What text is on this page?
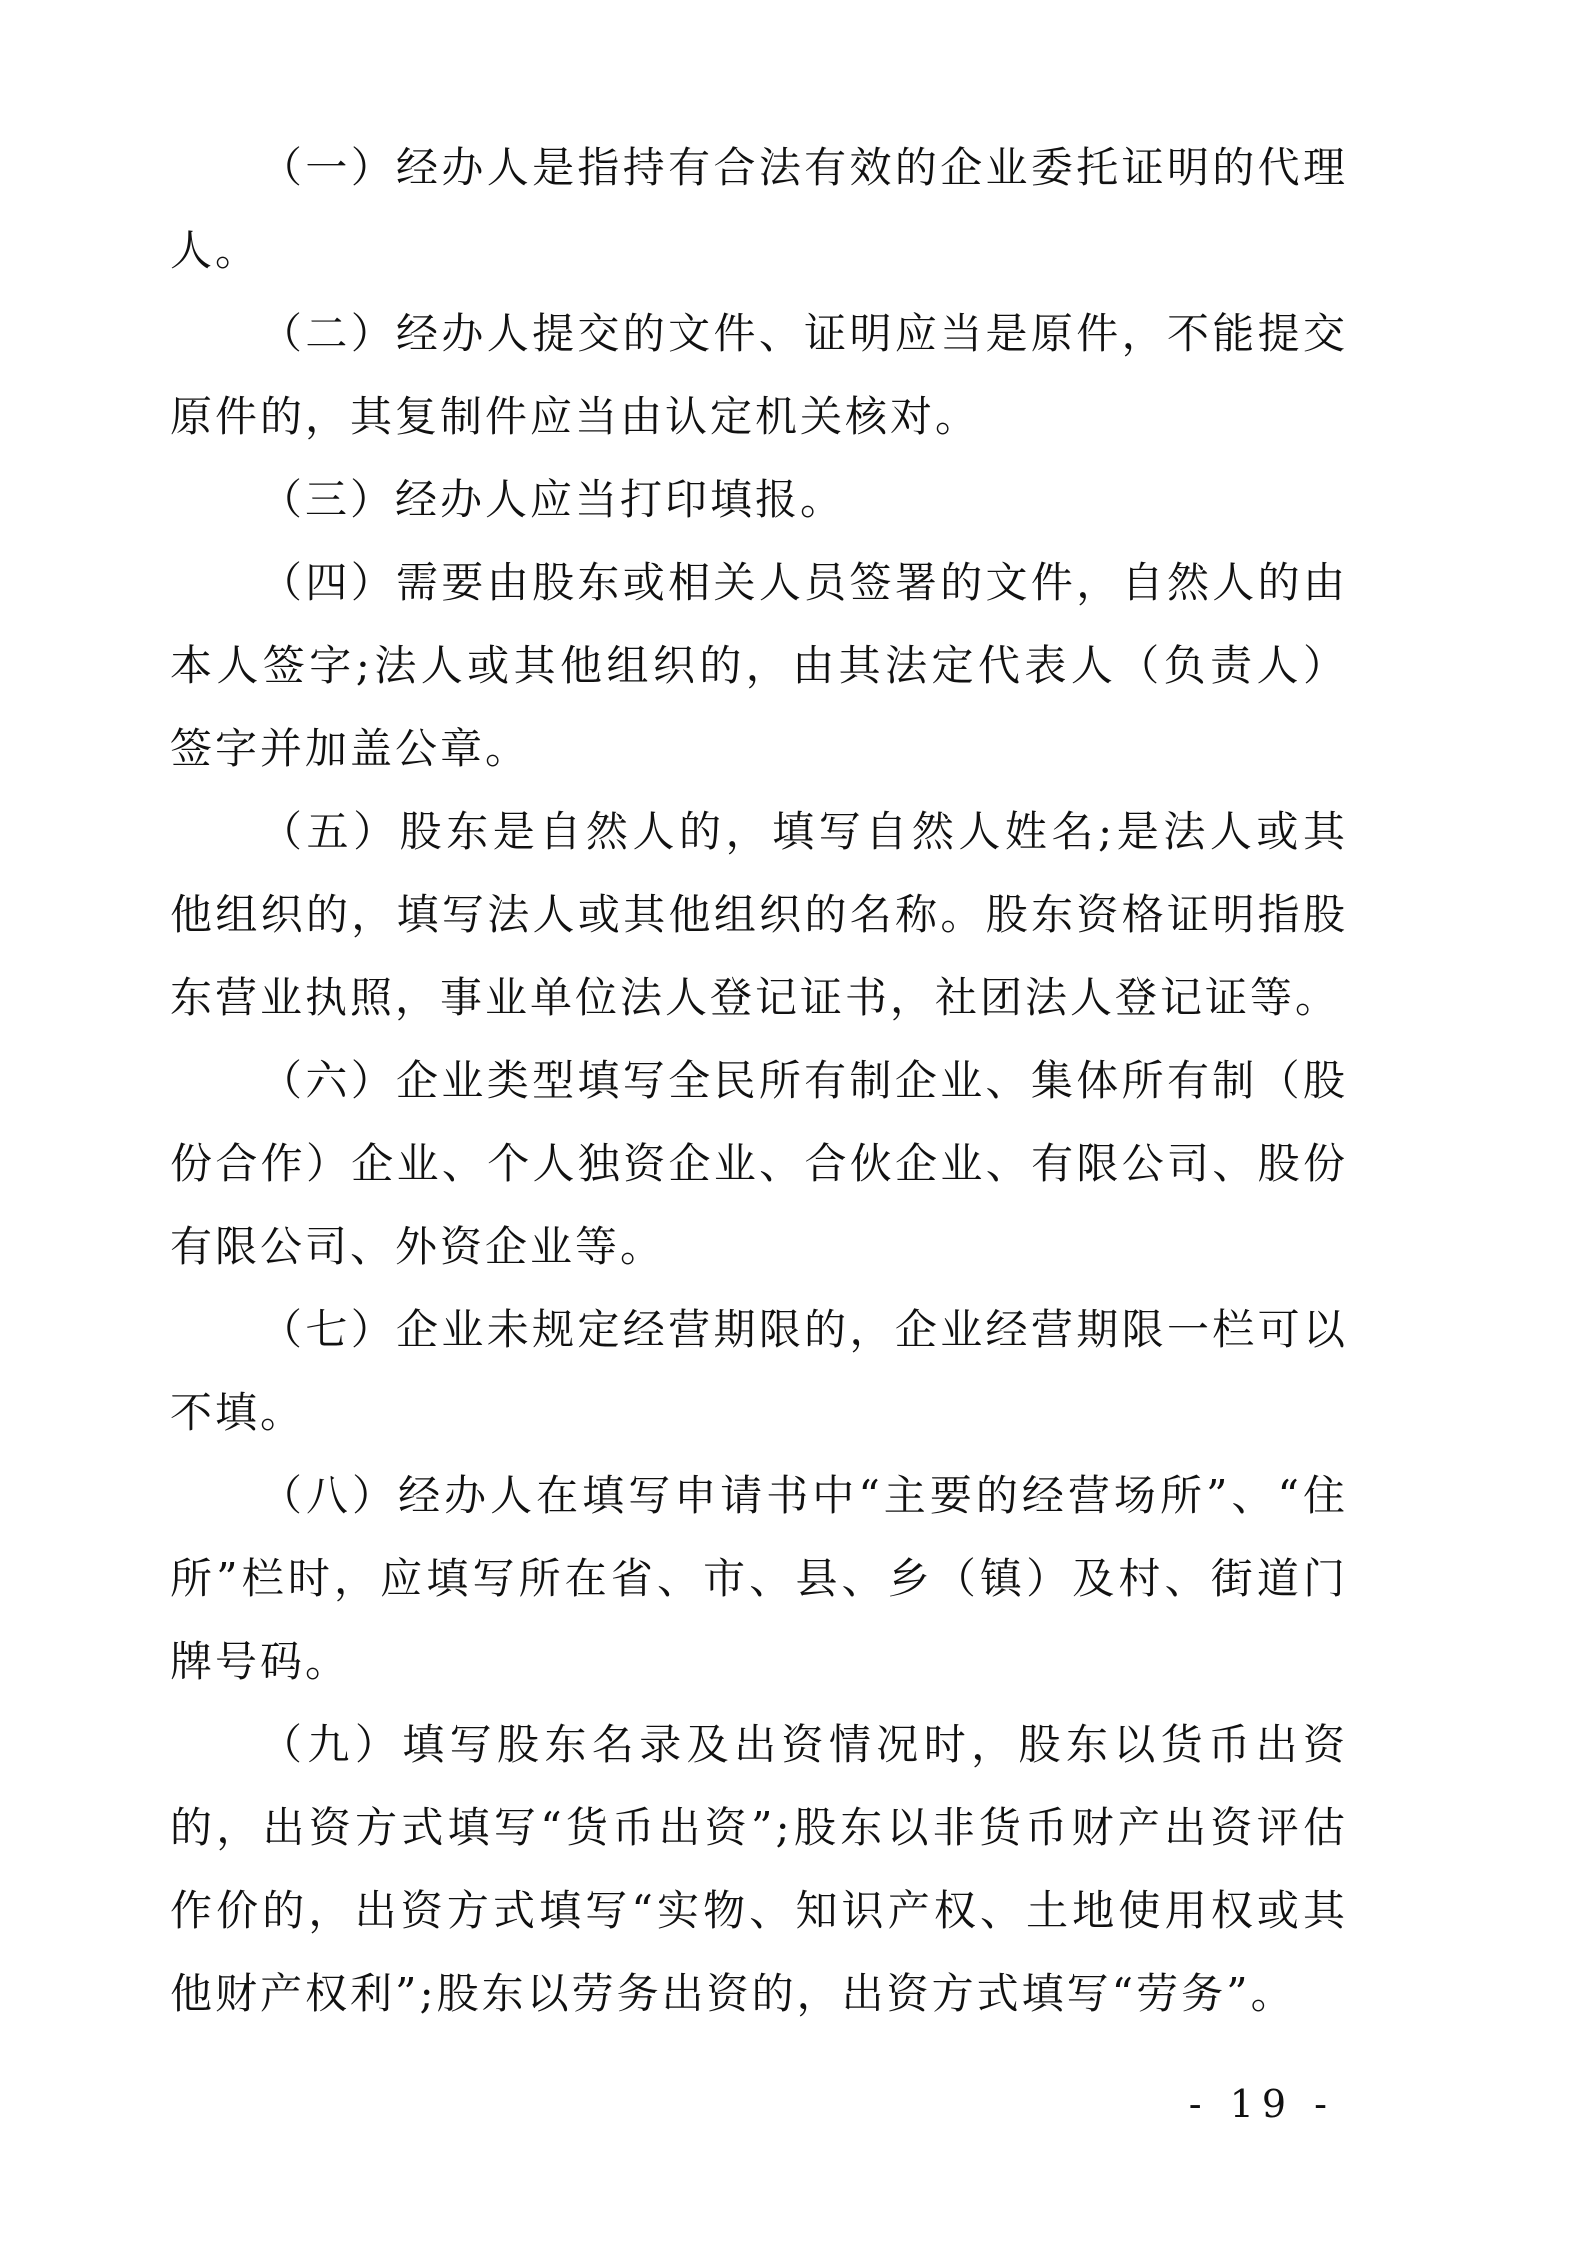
（一）经办人是指持有合法有效的企业委托证明的代理人。

（二）经办人提交的文件、证明应当是原件，不能提交原件的，其复制件应当由认定机关核对。

（三）经办人应当打印填报。

（四）需要由股东或相关人员签署的文件，自然人的由本人签字;法人或其他组织的，由其法定代表人（负责人）签字并加盖公章。

（五）股东是自然人的，填写自然人姓名;是法人或其他组织的，填写法人或其他组织的名称。股东资格证明指股东营业执照，事业单位法人登记证书，社团法人登记证等。

（六）企业类型填写全民所有制企业、集体所有制（股份合作）企业、个人独资企业、合伙企业、有限公司、股份有限公司、外资企业等。

（七）企业未规定经营期限的，企业经营期限一栏可以不填。

（八）经办人在填写申请书中“主要的经营场所”、“住所”栏时，应填写所在省、市、县、乡（镇）及村、街道门牌号码。

（九）填写股东名录及出资情况时，股东以货币出资的，出资方式填写“货币出资”;股东以非货币财产出资评估作价的，出资方式填写“实物、知识产权、土地使用权或其他财产权利”;股东以劳务出资的，出资方式填写“劳务”。

- 19 -
